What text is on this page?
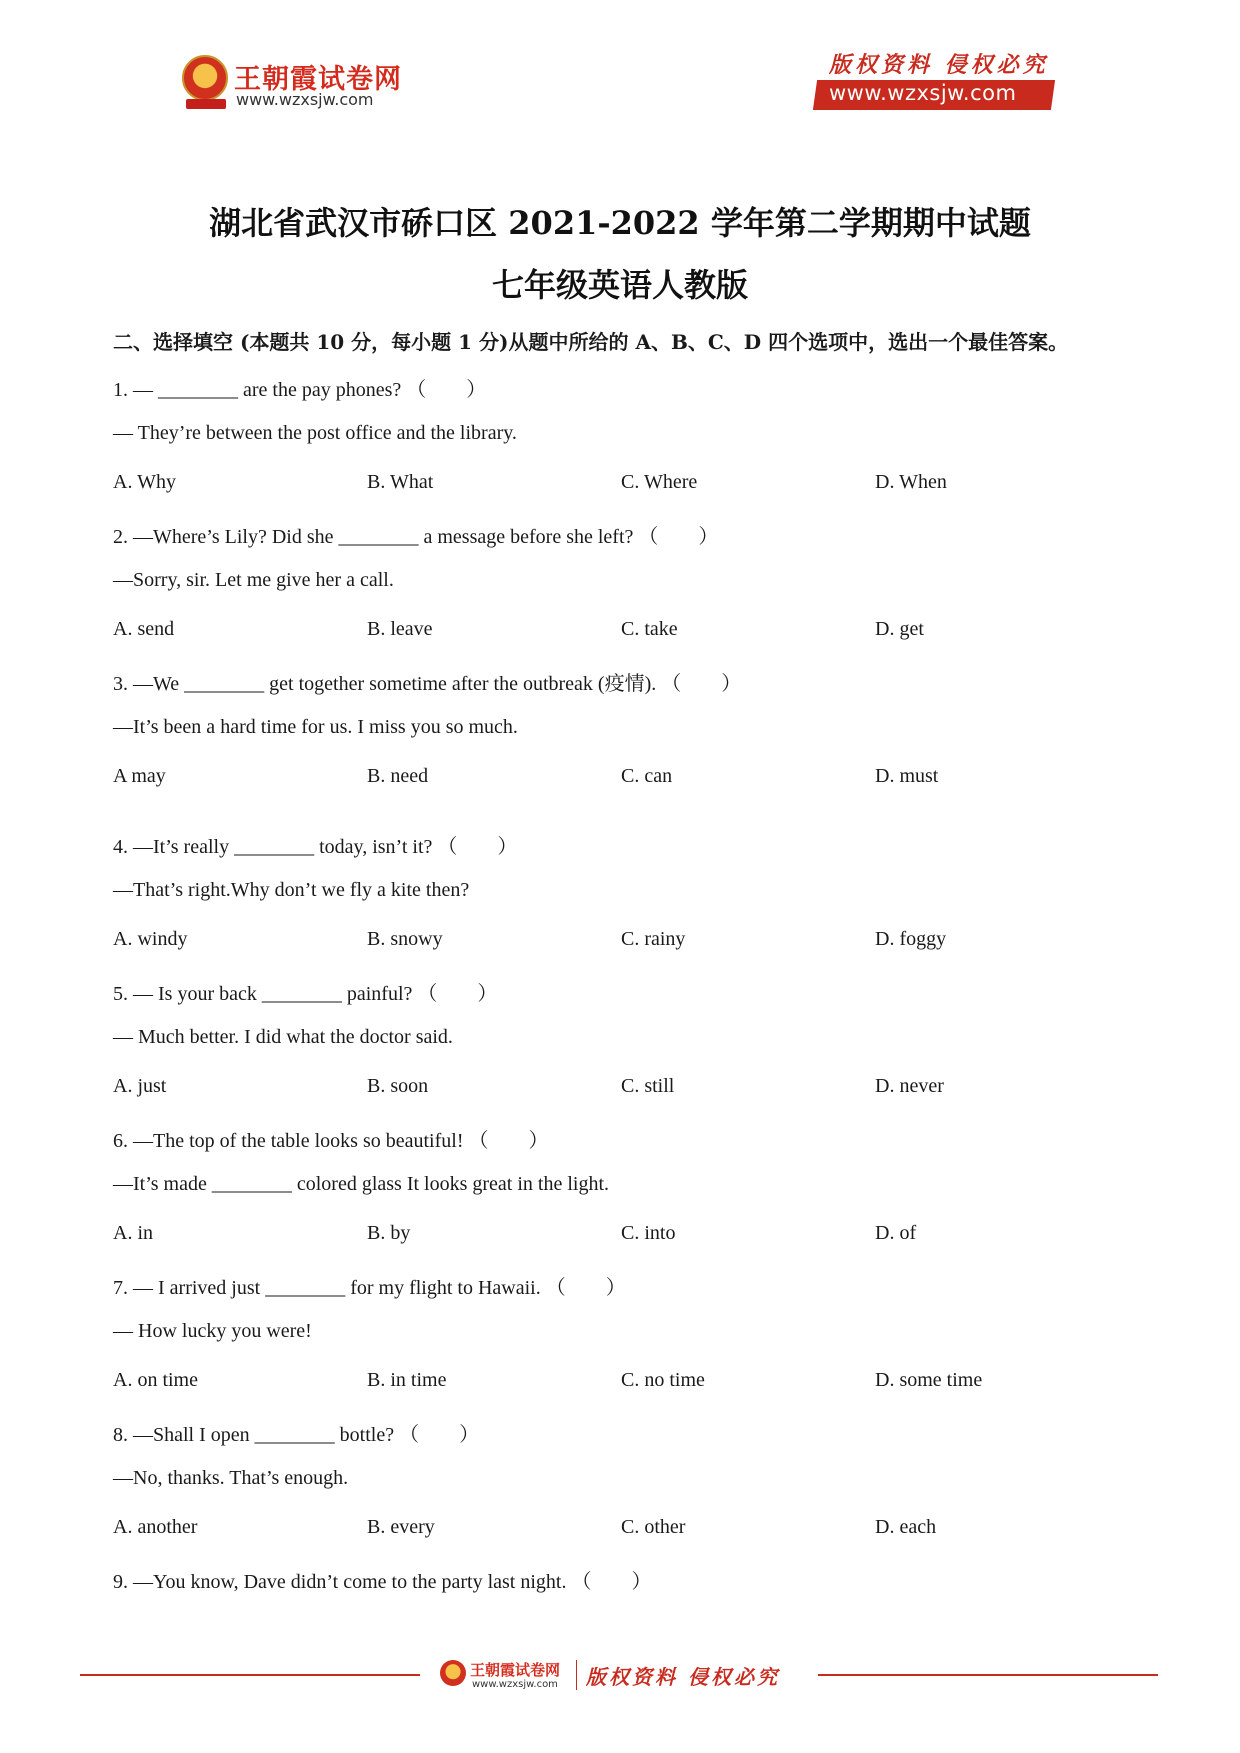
王朝霞试卷网
www.wzxsjw.com
版权资料 侵权必究
www.wzxsjw.com
湖北省武汉市硚口区 2021-2022 学年第二学期期中试题
七年级英语人教版
二、选择填空 (本题共 10 分，每小题 1 分)从题中所给的 A、B、C、D 四个选项中，选出一个最佳答案。
1. — ________ are the pay phones? （　　）
— They’re between the post office and the library.
A. Why	B. What	C. Where	D. When
2. —Where’s Lily? Did she ________ a message before she left? （　　）
—Sorry, sir. Let me give her a call.
A. send	B. leave	C. take	D. get
3. —We ________ get together sometime after the outbreak (疫情). （　　）
—It’s been a hard time for us. I miss you so much.
A may	B. need	C. can	D. must
4. —It’s really ________ today, isn’t it? （　　）
—That’s right.Why don’t we fly a kite then?
A. windy	B. snowy	C. rainy	D. foggy
5. — Is your back ________ painful? （　　）
— Much better. I did what the doctor said.
A. just	B. soon	C. still	D. never
6. —The top of the table looks so beautiful! （　　）
—It’s made ________ colored glass It looks great in the light.
A. in	B. by	C. into	D. of
7. — I arrived just ________ for my flight to Hawaii. （　　）
— How lucky you were!
A. on time	B. in time	C. no time	D. some time
8. —Shall I open ________ bottle? （　　）
—No, thanks. That’s enough.
A. another	B. every	C. other	D. each
9. —You know, Dave didn’t come to the party last night. （　　）
王朝霞试卷网
www.wzxsjw.com 版权资料 侵权必究
